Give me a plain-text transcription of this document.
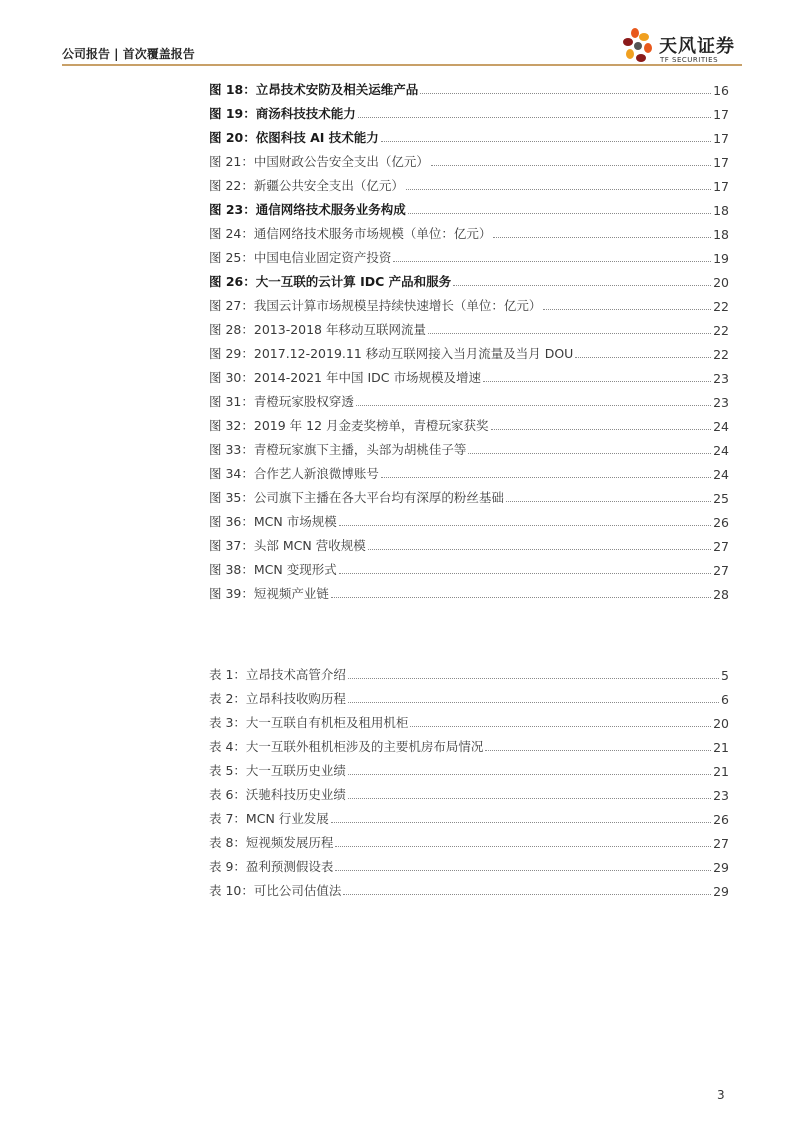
公司报告 | 首次覆盖报告	天风证券
TF SECURITIES
图 18：立昂技术安防及相关运维产品	16
图 19：商汤科技技术能力	17
图 20：依图科技 AI 技术能力	17
图 21：中国财政公告安全支出（亿元）	17
图 22：新疆公共安全支出（亿元）	17
图 23：通信网络技术服务业务构成	18
图 24：通信网络技术服务市场规模（单位：亿元）	18
图 25：中国电信业固定资产投资	19
图 26：大一互联的云计算 IDC 产品和服务	20
图 27：我国云计算市场规模呈持续快速增长（单位：亿元）	22
图 28：2013-2018 年移动互联网流量	22
图 29：2017.12-2019.11 移动互联网接入当月流量及当月 DOU	22
图 30：2014-2021 年中国 IDC 市场规模及增速	23
图 31：青橙玩家股权穿透	23
图 32：2019 年 12 月金麦奖榜单，青橙玩家获奖	24
图 33：青橙玩家旗下主播，头部为胡桃佳子等	24
图 34：合作艺人新浪微博账号	24
图 35：公司旗下主播在各大平台均有深厚的粉丝基础	25
图 36：MCN 市场规模	26
图 37：头部 MCN 营收规模	27
图 38：MCN 变现形式	27
图 39：短视频产业链	28
表 1：立昂技术高管介绍	5
表 2：立昂科技收购历程	6
表 3：大一互联自有机柜及租用机柜	20
表 4：大一互联外租机柜涉及的主要机房布局情况	21
表 5：大一互联历史业绩	21
表 6：沃驰科技历史业绩	23
表 7：MCN 行业发展	26
表 8：短视频发展历程	27
表 9：盈利预测假设表	29
表 10：可比公司估值法	29
3
